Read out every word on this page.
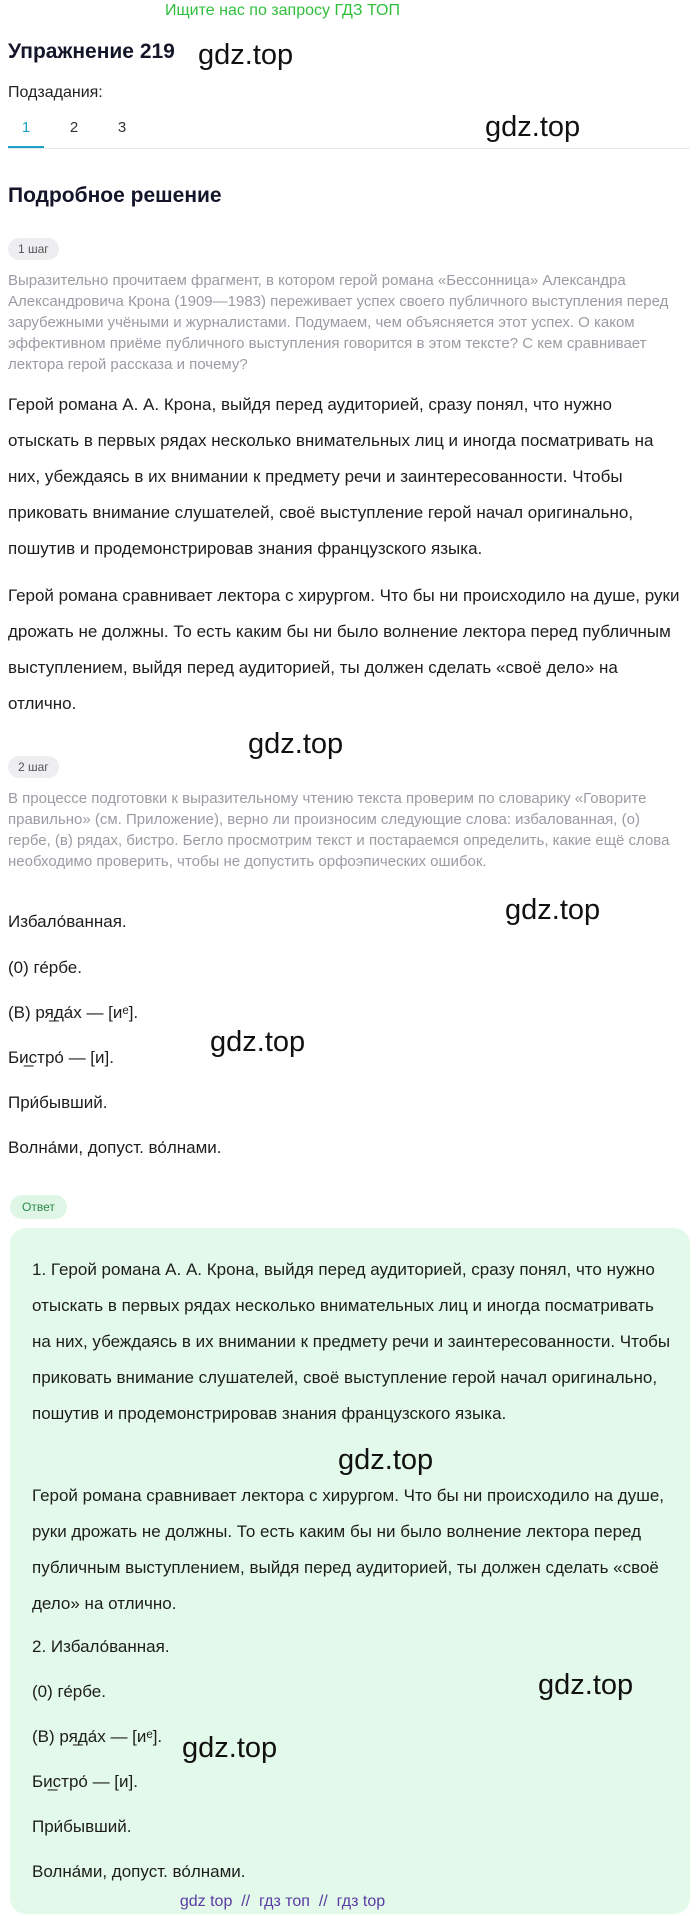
Ищите нас по запросу ГДЗ ТОП
Упражнение 219
Подзадания:
1	2	3
Подробное решение
1 шаг
Выразительно прочитаем фрагмент, в котором герой романа «Бессонница» Александра Александровича Крона (1909—1983) переживает успех своего публичного выступления перед зарубежными учёными и журналистами. Подумаем, чем объясняется этот успех. О каком эффективном приёме публичного выступления говорится в этом тексте? С кем сравнивает лектора герой рассказа и почему?
Герой романа А. А. Крона, выйдя перед аудиторией, сразу понял, что нужно отыскать в первых рядах несколько внимательных лиц и иногда посматривать на них, убеждаясь в их внимании к предмету речи и заинтересованности. Чтобы приковать внимание слушателей, своё выступление герой начал оригинально, пошутив и продемонстрировав знания французского языка.
Герой романа сравнивает лектора с хирургом. Что бы ни происходило на душе, руки дрожать не должны. То есть каким бы ни было волнение лектора перед публичным выступлением, выйдя перед аудиторией, ты должен сделать «своё дело» на отлично.
2 шаг
В процессе подготовки к выразительному чтению текста проверим по словарику «Говорите правильно» (см. Приложение), верно ли произносим следующие слова: избалованная, (о) гербе, (в) рядах, бистро. Бегло просмотрим текст и постараемся определить, какие ещё слова необходимо проверить, чтобы не допустить орфоэпических ошибок.
Избало́ванная.
(0) ге́рбе.
(В) ря̲да́х — [иᵉ].
Би̲стро́ — [и].
При́бывший.
Волна́ми, допуст. во́лнами.
Ответ
1. Герой романа А. А. Крона, выйдя перед аудиторией, сразу понял, что нужно отыскать в первых рядах несколько внимательных лиц и иногда посматривать на них, убеждаясь в их внимании к предмету речи и заинтересованности. Чтобы приковать внимание слушателей, своё выступление герой начал оригинально, пошутив и продемонстрировав знания французского языка.
Герой романа сравнивает лектора с хирургом. Что бы ни происходило на душе, руки дрожать не должны. То есть каким бы ни было волнение лектора перед публичным выступлением, выйдя перед аудиторией, ты должен сделать «своё дело» на отлично.
2. Избало́ванная.
(0) ге́рбе.
(В) ря̲да́х — [иᵉ].
Би̲стро́ — [и].
При́бывший.
Волна́ми, допуст. во́лнами.
gdz.top
gdz.top
gdz.top
gdz.top
gdz.top
gdz.top
gdz.top
gdz.top
gdz top // гдз топ // гдз top
